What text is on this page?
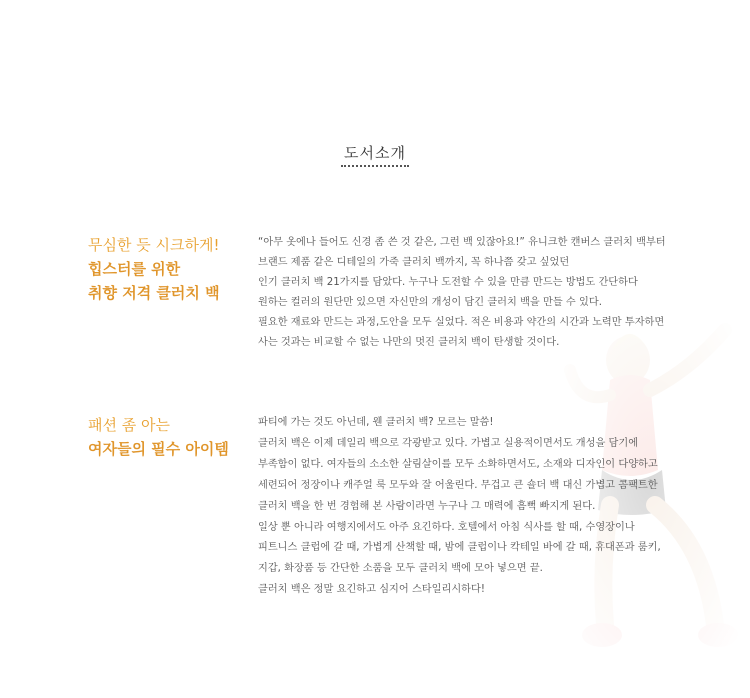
도서소개
무심한 듯 시크하게!
힙스터를 위한
취향 저격 클러치 백
“아무 옷에나 들어도 신경 좀 쓴 것 같은, 그런 백 있잖아요!” 유니크한 캔버스 클러치 백부터
브랜드 제품 같은 디테일의 가죽 클러치 백까지, 꼭 하나쯤 갖고 싶었던
인기 클러치 백 21가지를 담았다. 누구나 도전할 수 있을 만큼 만드는 방법도 간단하다
원하는 컬러의 원단만 있으면 자신만의 개성이 담긴 클러치 백을 만들 수 있다.
필요한 재료와 만드는 과정,도안을 모두 실었다. 적은 비용과 약간의 시간과 노력만 투자하면
사는 것과는 비교할 수 없는 나만의 멋진 클러치 백이 탄생할 것이다.
패션 좀 아는
여자들의 필수 아이템
파티에 가는 것도 아닌데, 웬 클러치 백? 모르는 말씀!
클러치 백은 이제 데일리 백으로 각광받고 있다. 가볍고 실용적이면서도 개성을 담기에
부족함이 없다. 여자들의 소소한 살림살이를 모두 소화하면서도, 소재와 디자인이 다양하고
세련되어 정장이나 캐주얼 룩 모두와 잘 어울린다. 무겁고 큰 숄더 백 대신 가볍고 콤팩트한
클러치 백을 한 번 경험해 본 사람이라면 누구나 그 매력에 흠뻑 빠지게 된다.
일상 뿐 아니라 여행지에서도 아주 요긴하다. 호텔에서 아침 식사를 할 때, 수영장이나
피트니스 클럽에 갈 때, 가볍게 산책할 때, 밤에 클럽이나 칵테일 바에 갈 때, 휴대폰과 룸키,
지갑, 화장품 등 간단한 소품을 모두 클러치 백에 모아 넣으면 끝.
클러치 백은 정말 요긴하고 심지어 스타일리시하다!
